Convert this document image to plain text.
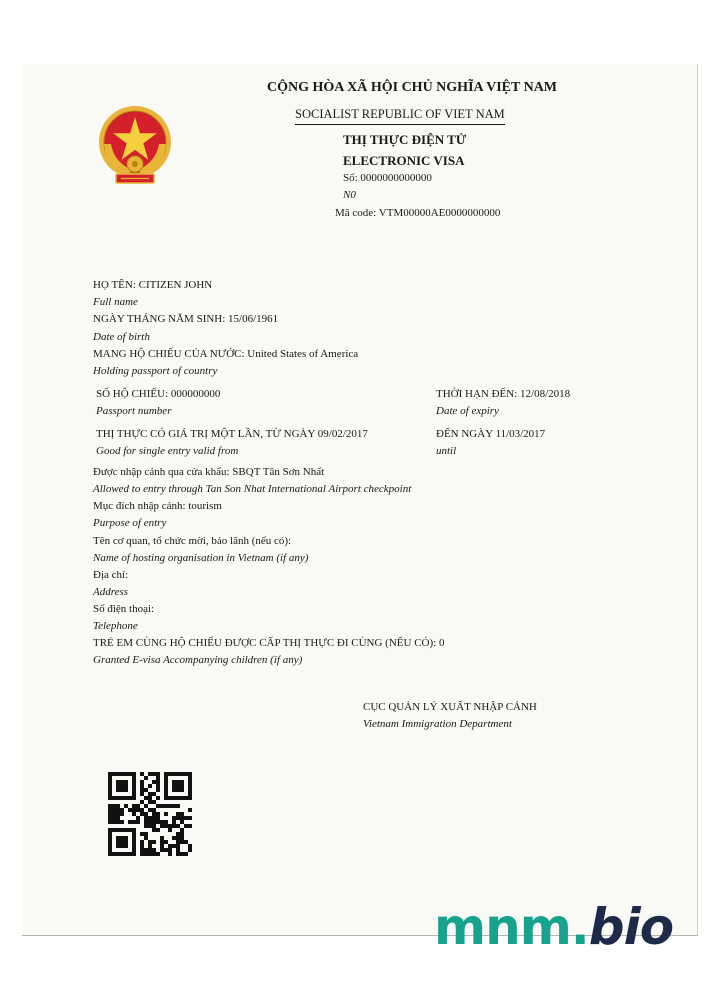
CỘNG HÒA XÃ HỘI CHỦ NGHĨA VIỆT NAM
SOCIALIST REPUBLIC OF VIET NAM
THỊ THỰC ĐIỆN TỬ
ELECTRONIC VISA
Số: 0000000000000
N0
Mã code: VTM00000AE0000000000
HỌ TÊN: CITIZEN JOHN
Full name
NGÀY THÁNG NĂM SINH: 15/06/1961
Date of birth
MANG HỘ CHIẾU CỦA NƯỚC: United States of America
Holding passport of country
SỐ HỘ CHIẾU: 000000000
Passport number
THỜI HẠN ĐẾN: 12/08/2018
Date of expiry
THỊ THỰC CÓ GIÁ TRỊ MỘT LẦN, TỪ NGÀY 09/02/2017
Good for single entry valid from
ĐẾN NGÀY 11/03/2017
until
Được nhập cảnh qua cửa khẩu: SBQT Tân Sơn Nhất
Allowed to entry through Tan Son Nhat International Airport checkpoint
Mục đích nhập cảnh: tourism
Purpose of entry
Tên cơ quan, tổ chức mời, bảo lãnh (nếu có):
Name of hosting organisation in Vietnam (if any)
Địa chỉ:
Address
Số điện thoại:
Telephone
TRẺ EM CÙNG HỘ CHIẾU ĐƯỢC CẤP THỊ THỰC ĐI CÙNG (NẾU CÓ): 0
Granted E-visa Accompanying children (if any)
CỤC QUẢN LÝ XUẤT NHẬP CẢNH
Vietnam Immigration Department
mnm.bio
